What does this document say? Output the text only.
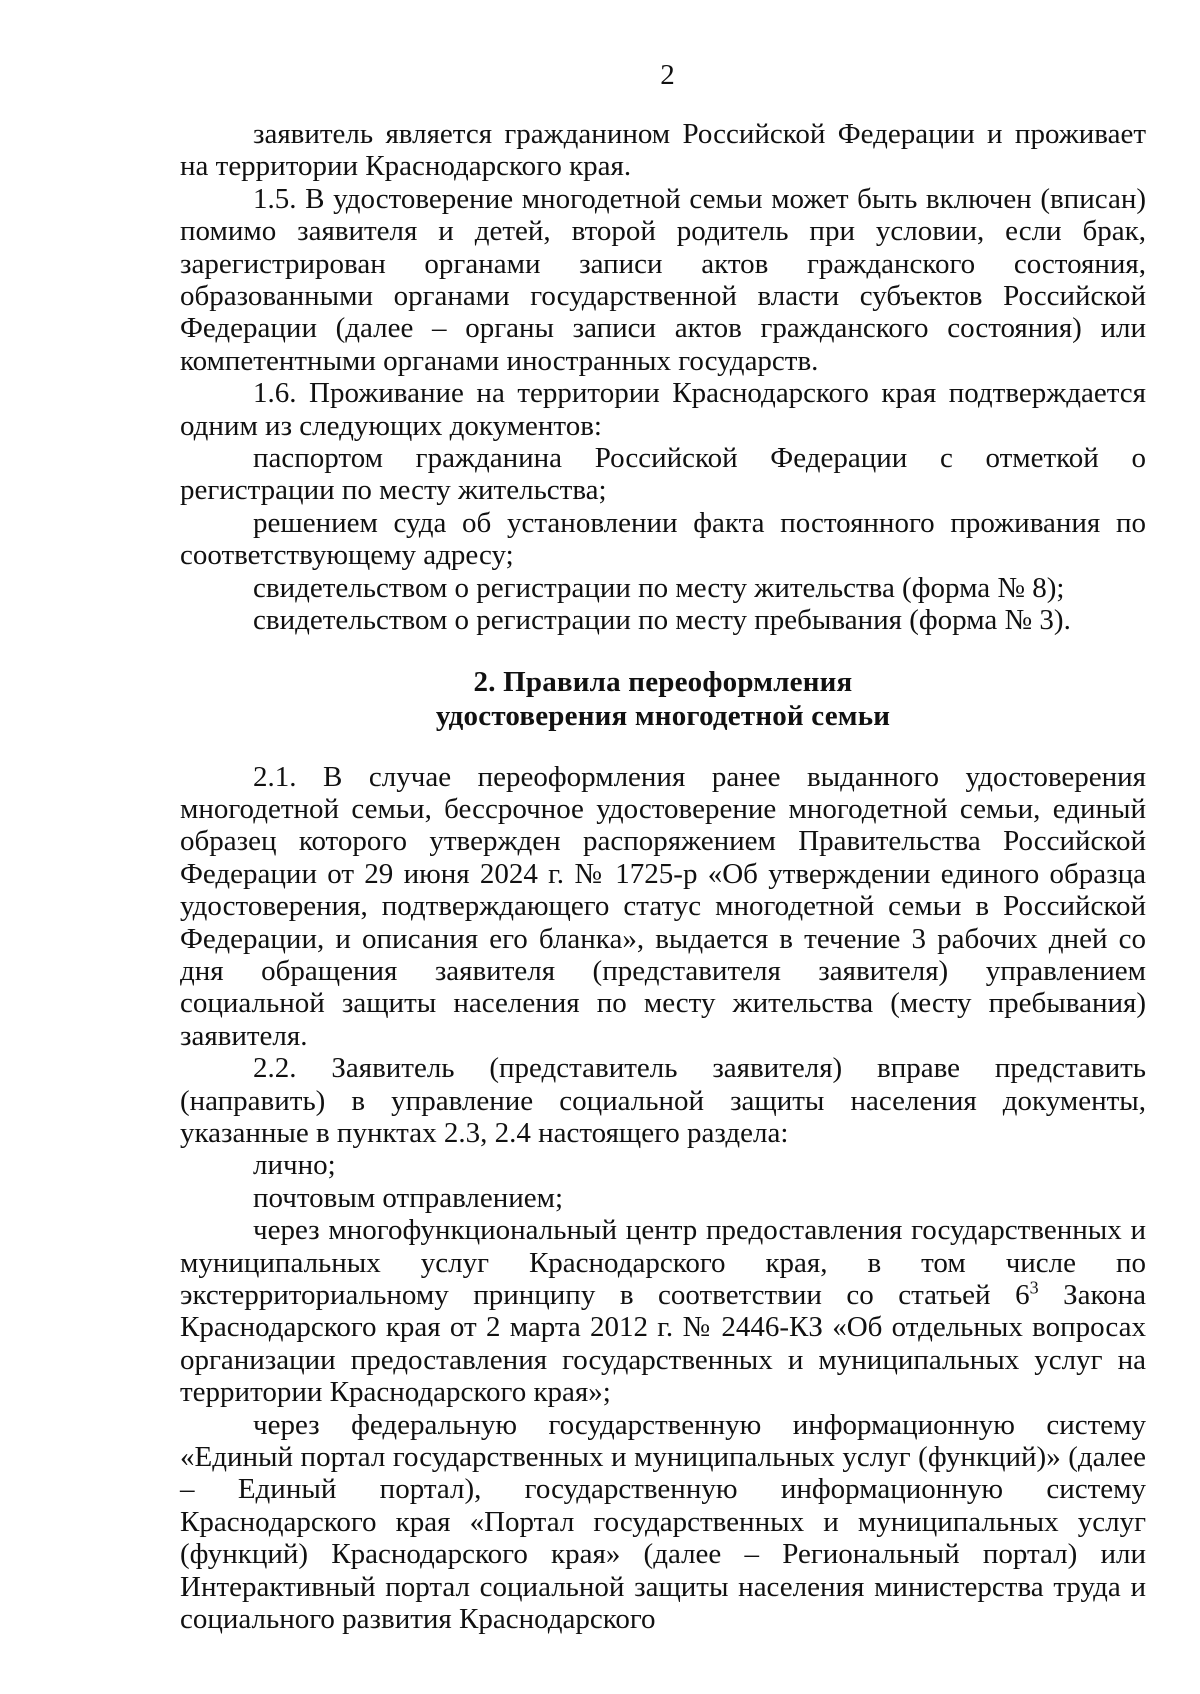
2

заявитель является гражданином Российской Федерации и проживает на территории Краснодарского края.

1.5. В удостоверение многодетной семьи может быть включен (вписан) помимо заявителя и детей, второй родитель при условии, если брак, зарегистрирован органами записи актов гражданского состояния, образованными органами государственной власти субъектов Российской Федерации (далее – органы записи актов гражданского состояния) или компетентными органами иностранных государств.

1.6. Проживание на территории Краснодарского края подтверждается одним из следующих документов:

паспортом гражданина Российской Федерации с отметкой о регистрации по месту жительства;

решением суда об установлении факта постоянного проживания по соответствующему адресу;

свидетельством о регистрации по месту жительства (форма № 8);

свидетельством о регистрации по месту пребывания (форма № 3).

2. Правила переоформления

удостоверения многодетной семьи

2.1. В случае переоформления ранее выданного удостоверения многодетной семьи, бессрочное удостоверение многодетной семьи, единый образец которого утвержден распоряжением Правительства Российской Федерации от 29 июня 2024 г. № 1725-р «Об утверждении единого образца удостоверения, подтверждающего статус многодетной семьи в Российской Федерации, и описания его бланка», выдается в течение 3 рабочих дней со дня обращения заявителя (представителя заявителя) управлением социальной защиты населения по месту жительства (месту пребывания) заявителя.

2.2. Заявитель (представитель заявителя) вправе представить (направить) в управление социальной защиты населения документы, указанные в пунктах 2.3, 2.4 настоящего раздела:

лично;

почтовым отправлением;

через многофункциональный центр предоставления государственных и муниципальных услуг Краснодарского края, в том числе по экстерриториальному принципу в соответствии со статьей $6^3$ Закона Краснодарского края от 2 марта 2012 г. № 2446-КЗ «Об отдельных вопросах организации предоставления государственных и муниципальных услуг на территории Краснодарского края»;

через федеральную государственную информационную систему «Единый портал государственных и муниципальных услуг (функций)» (далее – Единый портал), государственную информационную систему Краснодарского края «Портал государственных и муниципальных услуг (функций) Краснодарского края» (далее – Региональный портал) или Интерактивный портал социальной защиты населения министерства труда и социального развития Краснодарского
